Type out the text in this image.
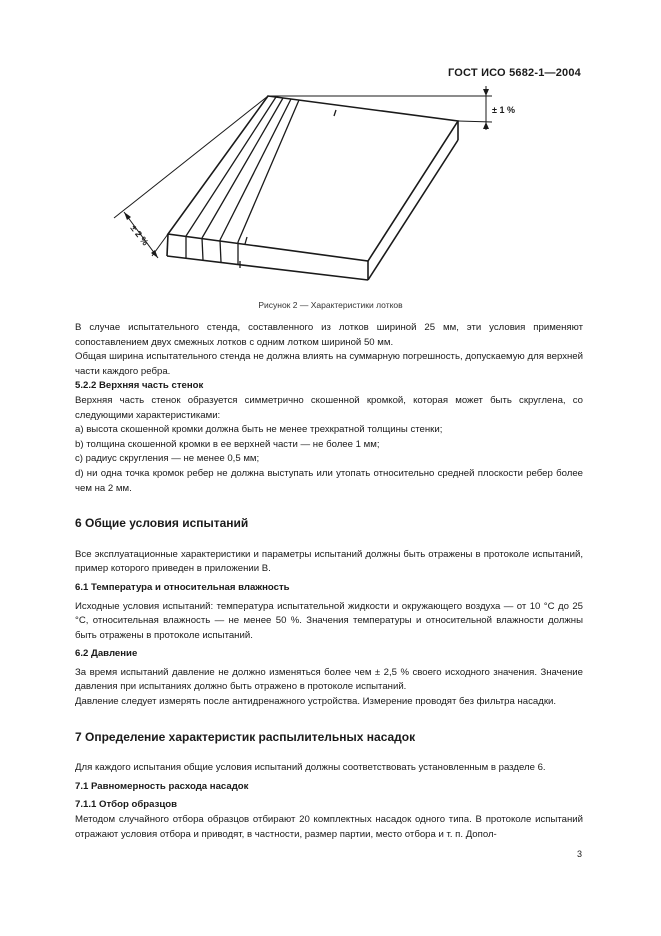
ГОСТ ИСО 5682-1—2004
± 1 %
± 2 %
Рисунок 2 — Характеристики лотков

В случае испытательного стенда, составленного из лотков шириной 25 мм, эти условия применяют сопоставлением двух смежных лотков с одним лотком шириной 50 мм.

Общая ширина испытательного стенда не должна влиять на суммарную погрешность, допускаемую для верхней части каждого ребра.

5.2.2 Верхняя часть стенок

Верхняя часть стенок образуется симметрично скошенной кромкой, которая может быть скруглена, со следующими характеристиками:

a) высота скошенной кромки должна быть не менее трехкратной толщины стенки;

b) толщина скошенной кромки в ее верхней части — не более 1 мм;

c) радиус скругления — не менее 0,5 мм;

d) ни одна точка кромок ребер не должна выступать или утопать относительно средней плоскости ребер более чем на 2 мм.

6 Общие условия испытаний

Все эксплуатационные характеристики и параметры испытаний должны быть отражены в протоколе испытаний, пример которого приведен в приложении В.

6.1 Температура и относительная влажность

Исходные условия испытаний: температура испытательной жидкости и окружающего воздуха — от 10 °С до 25 °С, относительная влажность — не менее 50 %. Значения температуры и относительной влажности должны быть отражены в протоколе испытаний.

6.2 Давление

За время испытаний давление не должно изменяться более чем ± 2,5 % своего исходного значения. Значение давления при испытаниях должно быть отражено в протоколе испытаний.

Давление следует измерять после антидренажного устройства. Измерение проводят без фильтра насадки.

7 Определение характеристик распылительных насадок

Для каждого испытания общие условия испытаний должны соответствовать установленным в разделе 6.

7.1 Равномерность расхода насадок

7.1.1 Отбор образцов

Методом случайного отбора образцов отбирают 20 комплектных насадок одного типа. В протоколе испытаний отражают условия отбора и приводят, в частности, размер партии, место отбора и т. п. Допол-

3
